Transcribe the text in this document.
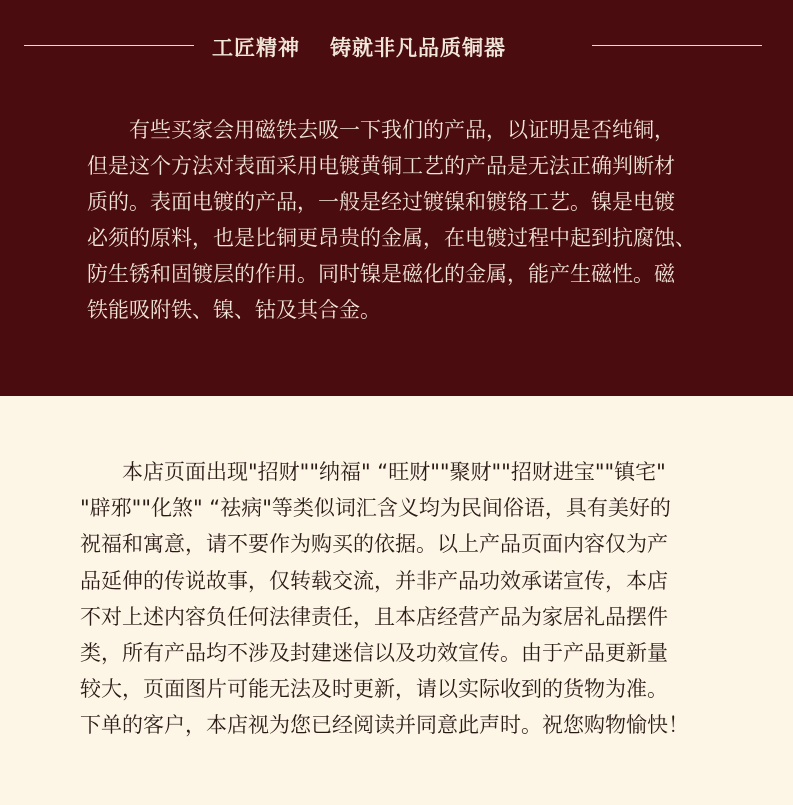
工匠精神 铸就非凡品质铜器
有些买家会用磁铁去吸一下我们的产品，以证明是否纯铜，
但是这个方法对表面采用电镀黄铜工艺的产品是无法正确判断材
质的。表面电镀的产品，一般是经过镀镍和镀铬工艺。镍是电镀
必须的原料，也是比铜更昂贵的金属，在电镀过程中起到抗腐蚀、
防生锈和固镀层的作用。同时镍是磁化的金属，能产生磁性。磁
铁能吸附铁、镍、钴及其合金。
本店页面出现"招财""纳福" “旺财""聚财""招财进宝""镇宅"
"辟邪""化煞" “祛病"等类似词汇含义均为民间俗语，具有美好的
祝福和寓意，请不要作为购买的依据。以上产品页面内容仅为产
品延伸的传说故事，仅转载交流，并非产品功效承诺宣传，本店
不对上述内容负任何法律责任，且本店经营产品为家居礼品摆件
类，所有产品均不涉及封建迷信以及功效宣传。由于产品更新量
较大，页面图片可能无法及时更新，请以实际收到的货物为准。
下单的客户，本店视为您已经阅读并同意此声时。祝您购物愉快！
